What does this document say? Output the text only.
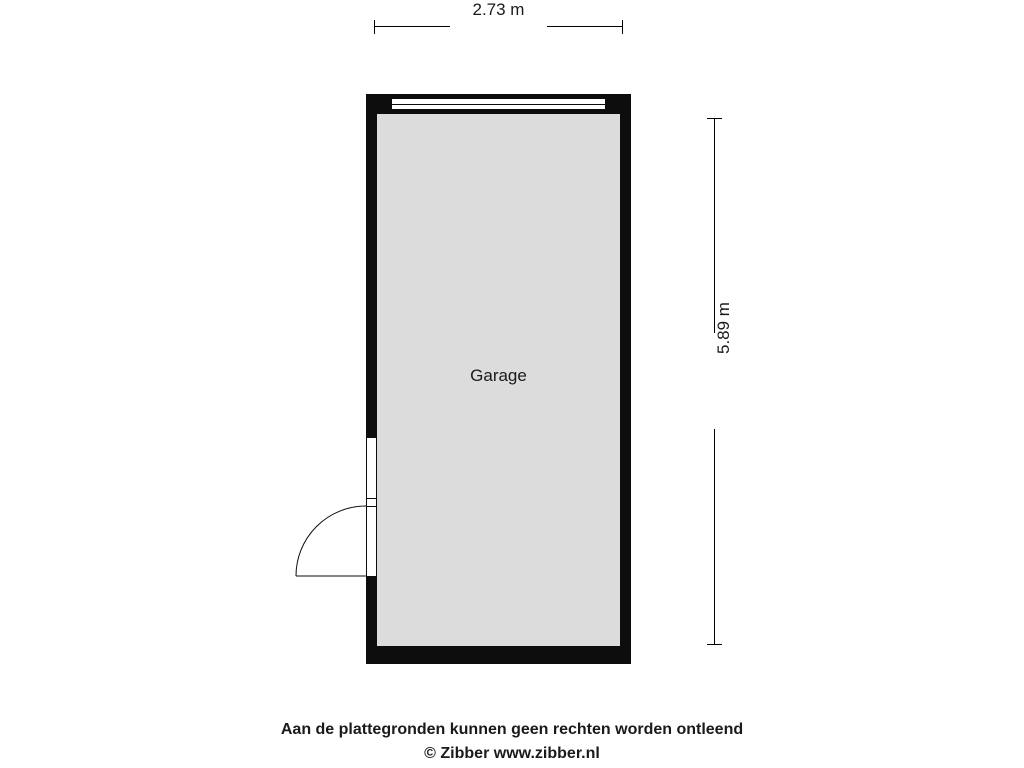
2.73 m
Garage
5.89 m
Aan de plattegronden kunnen geen rechten worden ontleend
© Zibber www.zibber.nl
